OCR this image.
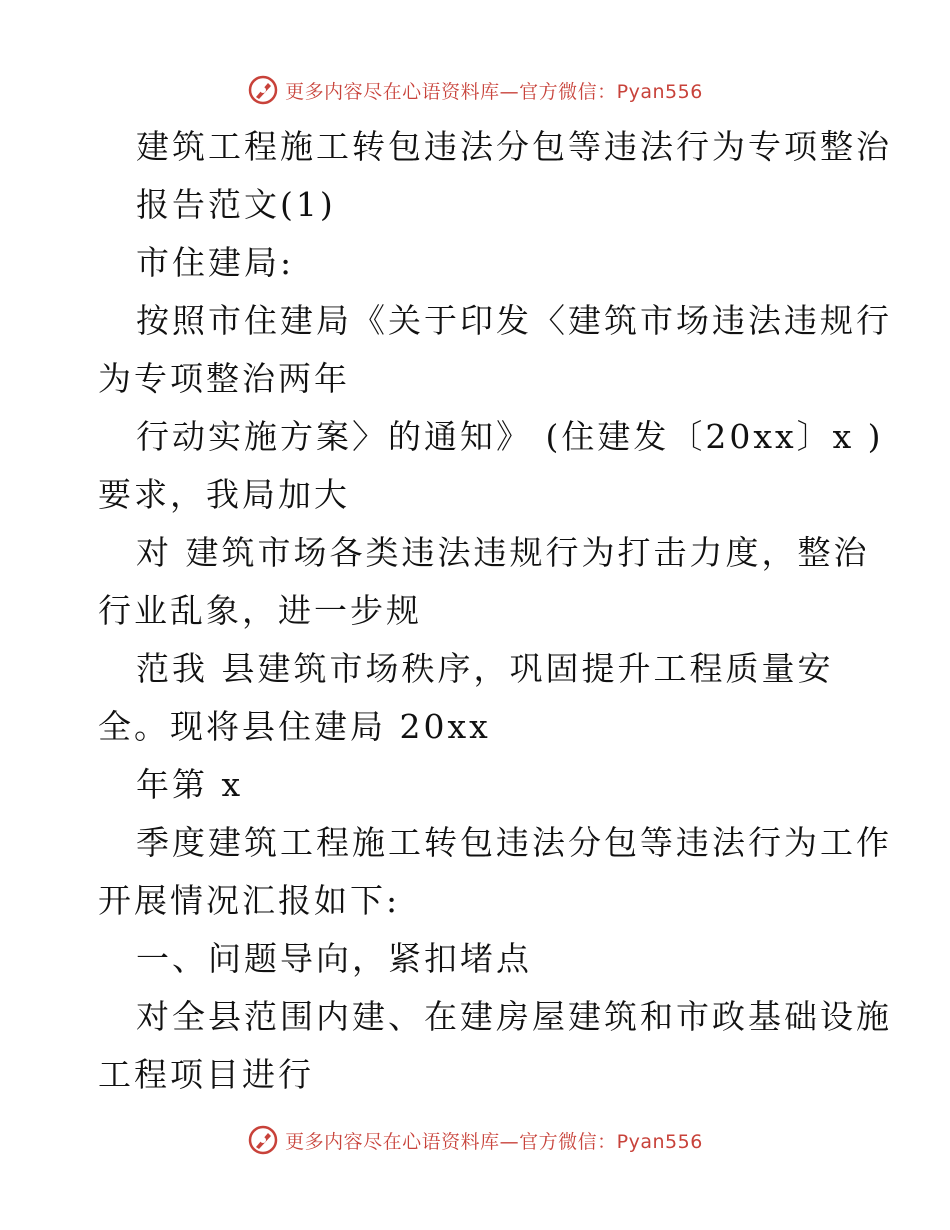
更多内容尽在心语资料库—官方微信：Pyan556
建筑工程施工转包违法分包等违法行为专项整治
报告范文(1)
市住建局:
按照市住建局《关于印发〈建筑市场违法违规行
为专项整治两年
行动实施方案〉的通知》 (住建发〔20xx〕x )
要求，我局加大
对 建筑市场各类违法违规行为打击力度，整治
行业乱象，进一步规
范我 县建筑市场秩序，巩固提升工程质量安
全。现将县住建局 20xx
年第 x
季度建筑工程施工转包违法分包等违法行为工作
开展情况汇报如下:
一、问题导向，紧扣堵点
对全县范围内建、在建房屋建筑和市政基础设施
工程项目进行
更多内容尽在心语资料库—官方微信：Pyan556
